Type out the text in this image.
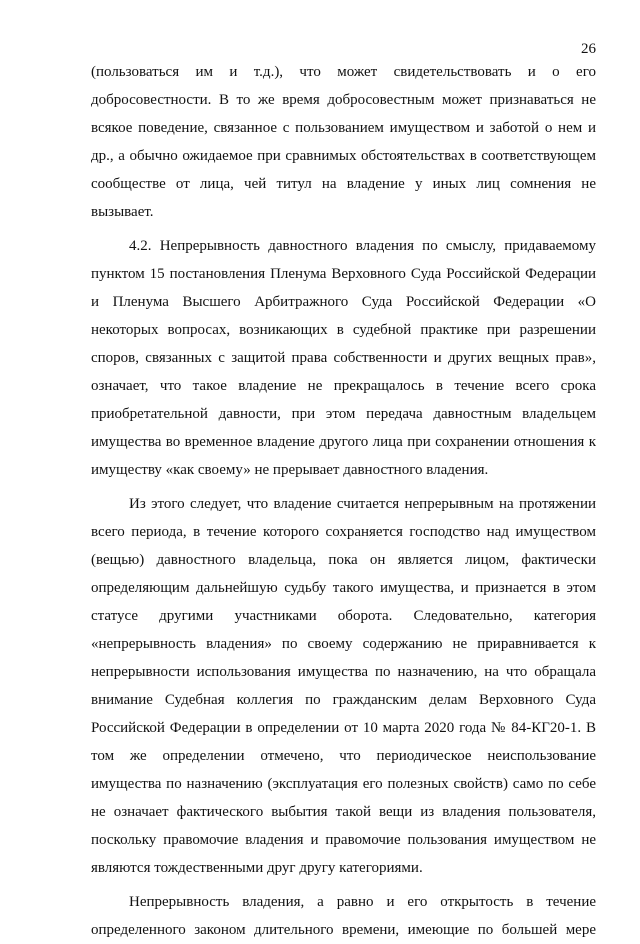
26
(пользоваться им и т.д.), что может свидетельствовать и о его
добросовестности. В то же время добросовестным может признаваться не
всякое поведение, связанное с пользованием имуществом и заботой о нем и
др., а обычно ожидаемое при сравнимых обстоятельствах в соответствующем
сообществе от лица, чей титул на владение у иных лиц сомнения не
вызывает.
4.2. Непрерывность давностного владения по смыслу, придаваемому
пунктом 15 постановления Пленума Верховного Суда Российской Федерации
и Пленума Высшего Арбитражного Суда Российской Федерации «О
некоторых вопросах, возникающих в судебной практике при разрешении
споров, связанных с защитой права собственности и других вещных прав»,
означает, что такое владение не прекращалось в течение всего срока
приобретательной давности, при этом передача давностным владельцем
имущества во временное владение другого лица при сохранении отношения к
имуществу «как своему» не прерывает давностного владения.
Из этого следует, что владение считается непрерывным на протяжении
всего периода, в течение которого сохраняется господство над имуществом
(вещью) давностного владельца, пока он является лицом, фактически
определяющим дальнейшую судьбу такого имущества, и признается в этом
статусе другими участниками оборота. Следовательно, категория
«непрерывность владения» по своему содержанию не приравнивается к
непрерывности использования имущества по назначению, на что обращала
внимание Судебная коллегия по гражданским делам Верховного Суда
Российской Федерации в определении от 10 марта 2020 года № 84-КГ20-1. В
том же определении отмечено, что периодическое неиспользование
имущества по назначению (эксплуатация его полезных свойств) само по себе
не означает фактического выбытия такой вещи из владения пользователя,
поскольку правомочие владения и правомочие пользования имуществом не
являются тождественными друг другу категориями.
Непрерывность владения, а равно и его открытость в течение
определенного законом длительного времени, имеющие по большей мере
